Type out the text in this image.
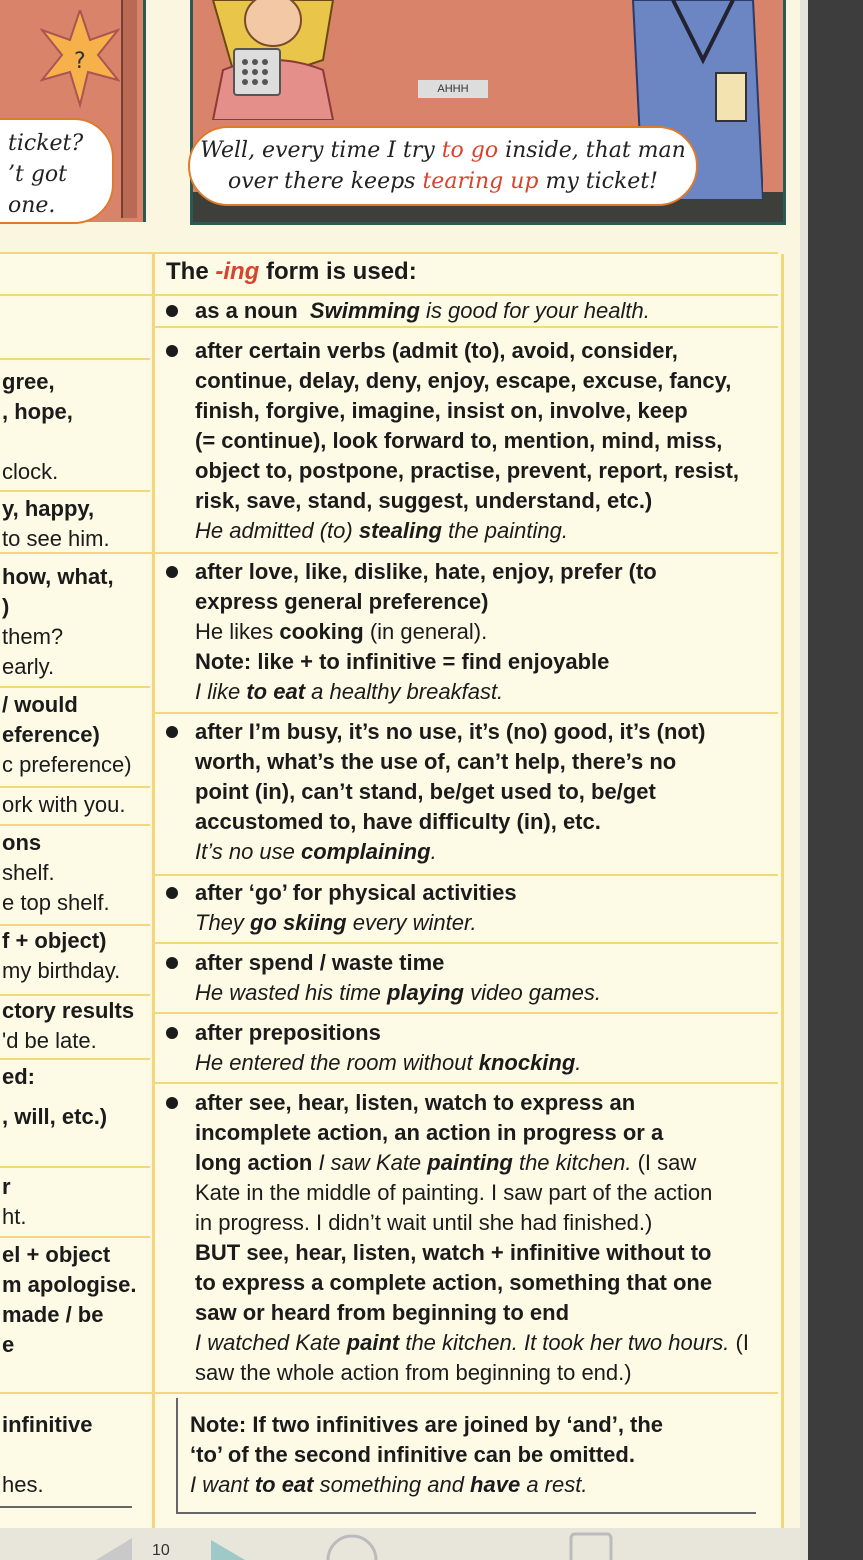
?
ticket?
’t got
one.
AHHH
Well, every time I try to go inside, that man
over there keeps tearing up my ticket!
gree,
, hope,
clock.
y, happy,
to see him.
how, what,
)
them?
early.
/ would
eference)
c preference)
ork with you.
ons
shelf.
e top shelf.
f + object)
my birthday.
ctory results
'd be late.
ed:
, will, etc.)
r
ht.
el + object
m apologise.
made / be
e
infinitive
hes.
The -ing form is used:

as a noun Swimming is good for your health.

after certain verbs (admit (to), avoid, consider,

continue, delay, deny, enjoy, escape, excuse, fancy,

finish, forgive, imagine, insist on, involve, keep

(= continue), look forward to, mention, mind, miss,

object to, postpone, practise, prevent, report, resist,

risk, save, stand, suggest, understand, etc.)

He admitted (to) stealing the painting.

after love, like, dislike, hate, enjoy, prefer (to

express general preference)

He likes cooking (in general).

Note: like + to infinitive = find enjoyable

I like to eat a healthy breakfast.

after I’m busy, it’s no use, it’s (no) good, it’s (not)

worth, what’s the use of, can’t help, there’s no

point (in), can’t stand, be/get used to, be/get

accustomed to, have difficulty (in), etc.

It’s no use complaining.

after ‘go’ for physical activities

They go skiing every winter.

after spend / waste time

He wasted his time playing video games.

after prepositions

He entered the room without knocking.

after see, hear, listen, watch to express an

incomplete action, an action in progress or a

long action I saw Kate painting the kitchen. (I saw

Kate in the middle of painting. I saw part of the action

in progress. I didn’t wait until she had finished.)

BUT see, hear, listen, watch + infinitive without to

to express a complete action, something that one

saw or heard from beginning to end

I watched Kate paint the kitchen. It took her two hours. (I

saw the whole action from beginning to end.)

Note: If two infinitives are joined by ‘and’, the

‘to’ of the second infinitive can be omitted.

I want to eat something and have a rest.

10
